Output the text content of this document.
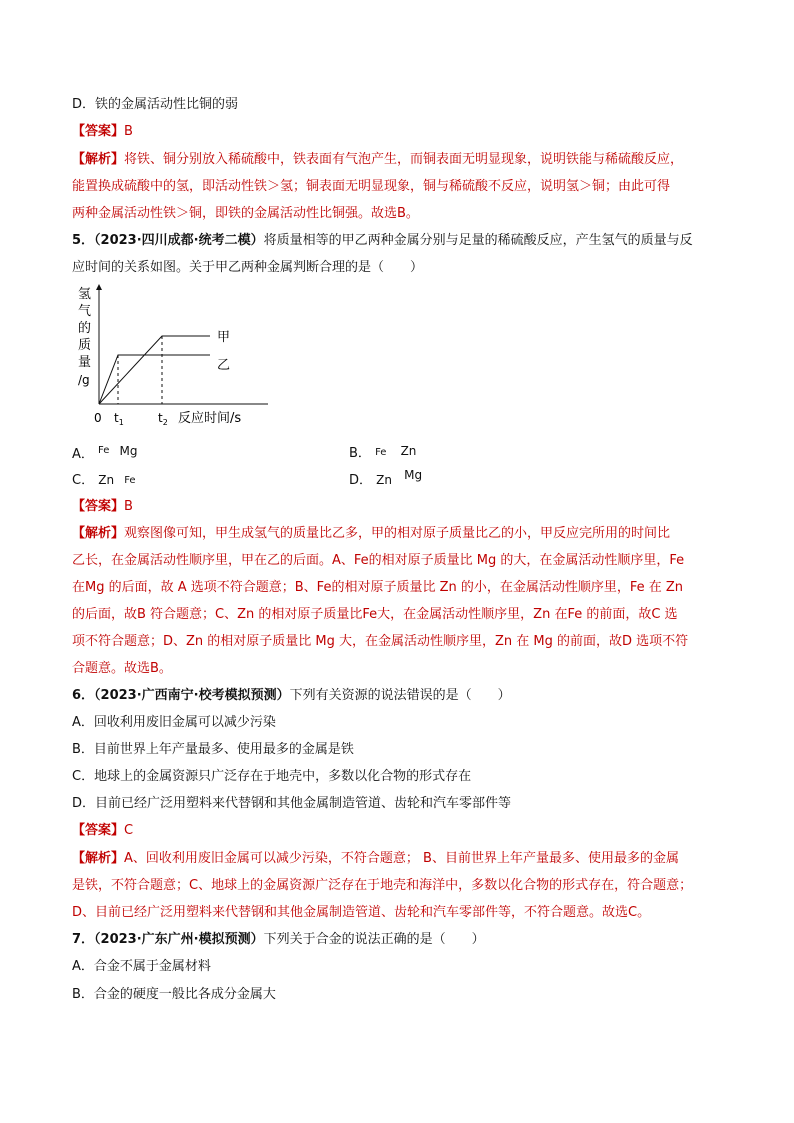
D．铁的金属活动性比铜的弱
【答案】B
【解析】将铁、铜分别放入稀硫酸中，铁表面有气泡产生，而铜表面无明显现象，说明铁能与稀硫酸反应，
能置换成硫酸中的氢，即活动性铁＞氢；铜表面无明显现象，铜与稀硫酸不反应，说明氢＞铜；由此可得
两种金属活动性铁＞铜，即铁的金属活动性比铜强。故选B。
5．（2023·四川成都·统考二模）将质量相等的甲乙两种金属分别与足量的稀硫酸反应，产生氢气的质量与反
应时间的关系如图。关于甲乙两种金属判断合理的是（　　）
氢
气
的
质
量
/g
甲
乙
0 $t_1$	$t_2$ 反应时间/s
A． $^{Fe}$ Mg	B． Fe Zn
C． Zn Fe	D． Zn Mg
【答案】B
【解析】观察图像可知，甲生成氢气的质量比乙多，甲的相对原子质量比乙的小，甲反应完所用的时间比
乙长，在金属活动性顺序里，甲在乙的后面。A、Fe的相对原子质量比 Mg 的大，在金属活动性顺序里，Fe
在Mg 的后面，故 A 选项不符合题意；B、Fe的相对原子质量比 Zn 的小，在金属活动性顺序里，Fe 在 Zn
的后面，故B 符合题意；C、Zn 的相对原子质量比Fe大，在金属活动性顺序里，Zn 在Fe 的前面，故C 选
项不符合题意；D、Zn 的相对原子质量比 Mg 大，在金属活动性顺序里，Zn 在 Mg 的前面，故D 选项不符
合题意。故选B。
6．（2023·广西南宁·校考模拟预测）下列有关资源的说法错误的是（　　）
A．回收利用废旧金属可以减少污染
B．目前世界上年产量最多、使用最多的金属是铁
C．地球上的金属资源只广泛存在于地壳中，多数以化合物的形式存在
D．目前已经广泛用塑料来代替钢和其他金属制造管道、齿轮和汽车零部件等
【答案】C
【解析】A、回收利用废旧金属可以减少污染，不符合题意； B、目前世界上年产量最多、使用最多的金属
是铁，不符合题意；C、地球上的金属资源广泛存在于地壳和海洋中，多数以化合物的形式存在，符合题意；
D、目前已经广泛用塑料来代替钢和其他金属制造管道、齿轮和汽车零部件等，不符合题意。故选C。
7．（2023·广东广州·模拟预测）下列关于合金的说法正确的是（　　）
A．合金不属于金属材料
B．合金的硬度一般比各成分金属大
